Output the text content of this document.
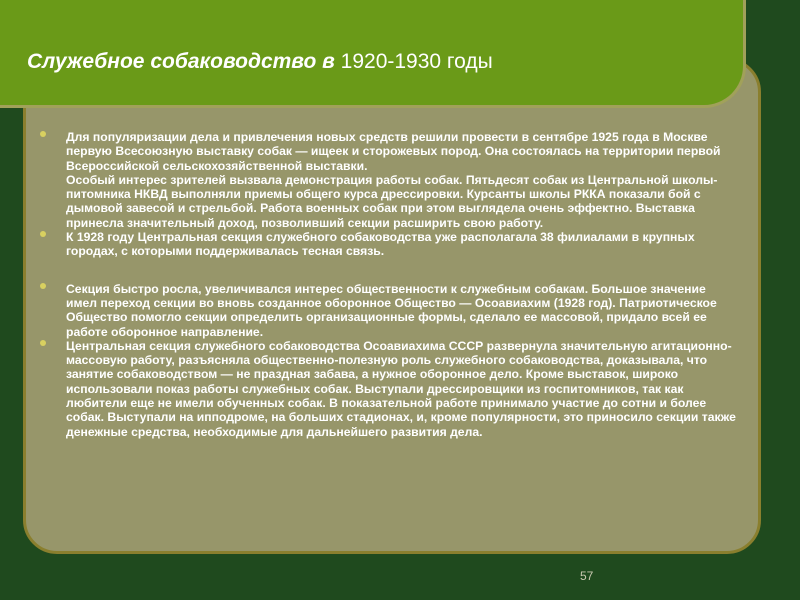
Служебное собаководство в 1920-1930 годы

Для популяризации дела и привлечения новых средств решили провести в сентябре 1925 года в Москве первую Всесоюзную выставку собак — ищеек и сторожевых пород. Она состоялась на территории первой Всероссийской сельскохозяйственной выставки.

Особый интерес зрителей вызвала демонстрация работы собак. Пятьдесят собак из Центральной школы-питомника НКВД выполняли приемы общего курса дрессировки. Курсанты школы РККА показали бой с дымовой завесой и стрельбой. Работа военных собак при этом выглядела очень эффектно. Выставка принесла значительный доход, позволивший секции расширить свою работу.

К 1928 году Центральная секция служебного собаководства уже располагала 38 филиалами в крупных городах, с которыми поддерживалась тесная связь.

Секция быстро росла, увеличивался интерес общественности к служебным собакам. Большое значение имел переход секции во вновь созданное оборонное Общество — Осоавиахим (1928 год). Патриотическое Общество помогло секции определить организационные формы, сделало ее массовой, придало всей ее работе оборонное направление.

Центральная секция служебного собаководства Осоавиахима СССР развернула значительную агитационно-массовую работу, разъясняла общественно-полезную роль служебного собаководства, доказывала, что занятие собаководством — не праздная забава, а нужное оборонное дело. Кроме выставок, широко использовали показ работы служебных собак. Выступали дрессировщики из госпитомников, так как любители еще не имели обученных собак. В показательной работе принимало участие до сотни и более собак. Выступали на ипподроме, на больших стадионах, и, кроме популярности, это приносило секции также денежные средства, необходимые для дальнейшего развития дела.

57
